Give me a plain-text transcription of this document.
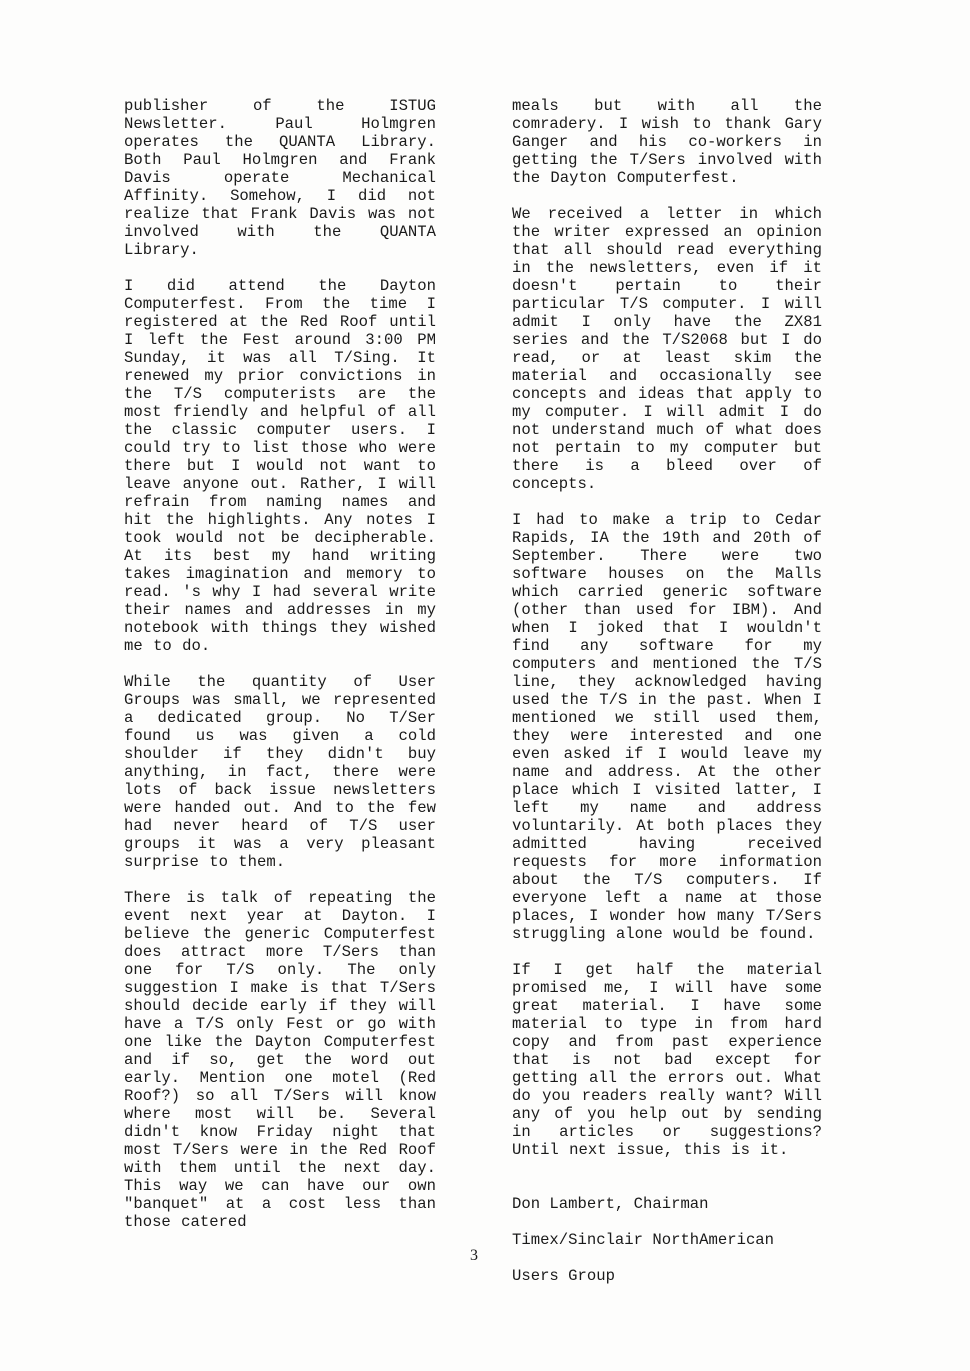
publisher of the ISTUG Newsletter. Paul Holmgren operates the QUANTA Library. Both Paul Holmgren and Frank Davis operate Mechanical Affinity. Somehow, I did not realize that Frank Davis was not involved with the QUANTA Library.

I did attend the Dayton Computerfest. From the time I registered at the Red Roof until I left the Fest around 3:00 PM Sunday, it was all T/Sing. It renewed my prior convictions in the T/S computerists are the most friendly and helpful of all the classic computer users. I could try to list those who were there but I would not want to leave anyone out. Rather, I will refrain from naming names and hit the highlights. Any notes I took would not be decipherable. At its best my hand writing takes imagination and memory to read. 's why I had several write their names and addresses in my notebook with things they wished me to do.

While the quantity of User Groups was small, we represented a dedicated group. No T/Ser found us was given a cold shoulder if they didn't buy anything, in fact, there were lots of back issue newsletters were handed out. And to the few had never heard of T/S user groups it was a very pleasant surprise to them.

There is talk of repeating the event next year at Dayton. I believe the generic Computerfest does attract more T/Sers than one for T/S only. The only suggestion I make is that T/Sers should decide early if they will have a T/S only Fest or go with one like the Dayton Computerfest and if so, get the word out early. Mention one motel (Red Roof?) so all T/Sers will know where most will be. Several didn't know Friday night that most T/Sers were in the Red Roof with them until the next day. This way we can have our own "banquet" at a cost less than those catered

meals but with all the comradery. I wish to thank Gary Ganger and his co-workers in getting the T/Sers involved with the Dayton Computerfest.

We received a letter in which the writer expressed an opinion that all should read everything in the newsletters, even if it doesn't pertain to their particular T/S computer. I will admit I only have the ZX81 series and the T/S2068 but I do read, or at least skim the material and occasionally see concepts and ideas that apply to my computer. I will admit I do not understand much of what does not pertain to my computer but there is a bleed over of concepts.

I had to make a trip to Cedar Rapids, IA the 19th and 20th of September. There were two software houses on the Malls which carried generic software (other than used for IBM). And when I joked that I wouldn't find any software for my computers and mentioned the T/S line, they acknowledged having used the T/S in the past. When I mentioned we still used them, they were interested and one even asked if I would leave my name and address. At the other place which I visited latter, I left my name and address voluntarily. At both places they admitted having received requests for more information about the T/S computers. If everyone left a name at those places, I wonder how many T/Sers struggling alone would be found.

If I get half the material promised me, I will have some great material. I have some material to type in from hard copy and from past experience that is not bad except for getting all the errors out. What do you readers really want? Will any of you help out by sending in articles or suggestions? Until next issue, this is it.

Don Lambert, Chairman

Timex/Sinclair NorthAmerican

Users Group

3
